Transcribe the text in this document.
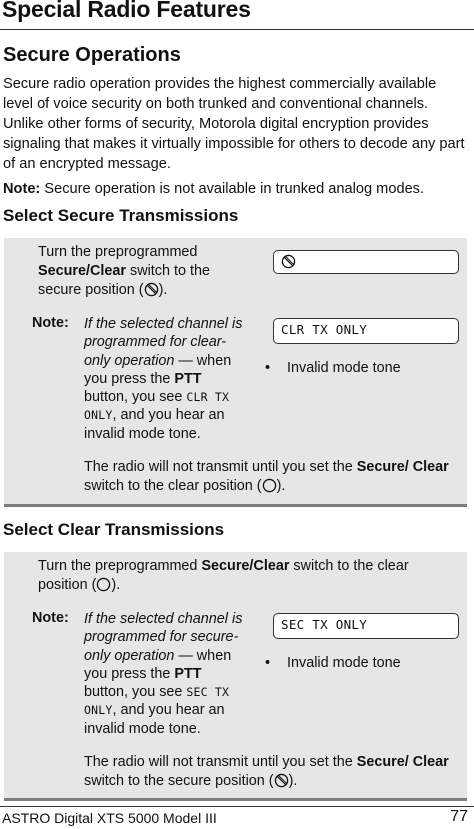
Special Radio Features
Secure Operations

Secure radio operation provides the highest commercially available level of voice security on both trunked and conventional channels. Unlike other forms of security, Motorola digital encryption provides signaling that makes it virtually impossible for others to decode any part of an encrypted message.

Note: Secure operation is not available in trunked analog modes.

Select Secure Transmissions

Turn the preprogrammed Secure/Clear switch to the secure position ( ).

Note: If the selected channel is programmed for clear-only operation — when you press the PTT button, you see CLR TX ONLY, and you hear an invalid mode tone.

CLR TX ONLY
• Invalid mode tone

The radio will not transmit until you set the Secure/ Clear switch to the clear position ( ).

Select Clear Transmissions

Turn the preprogrammed Secure/Clear switch to the clear position ( ).

Note: If the selected channel is programmed for secure-only operation — when you press the PTT button, you see SEC TX ONLY, and you hear an invalid mode tone.

SEC TX ONLY
• Invalid mode tone

The radio will not transmit until you set the Secure/ Clear switch to the secure position ( ).

ASTRO Digital XTS 5000 Model III	77
